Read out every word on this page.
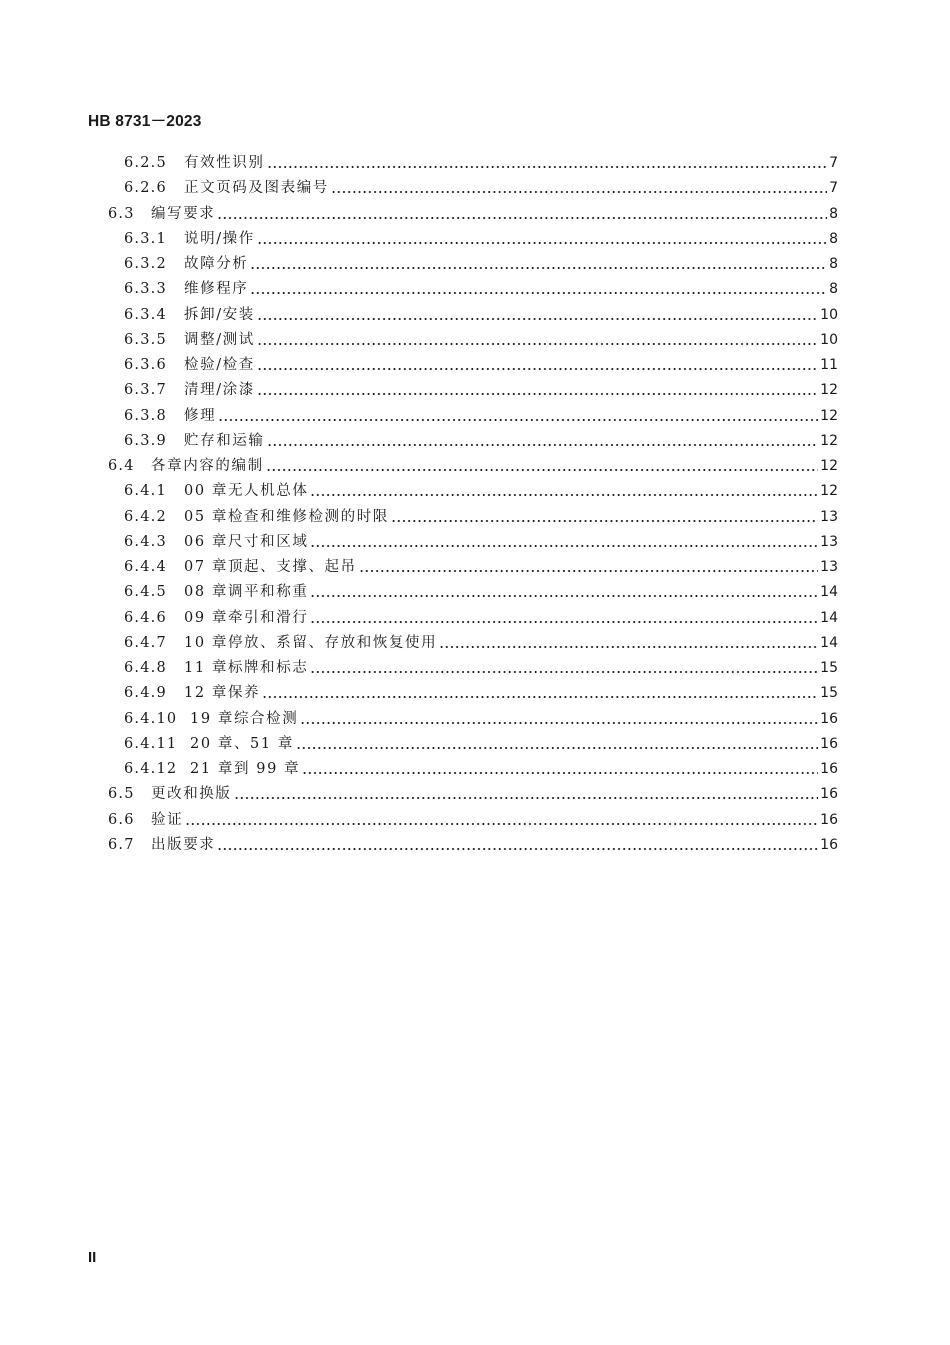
HB 8731－2023
6.2.5	有效性识别	7
6.2.6	正文页码及图表编号	7
6.3	编写要求	8
6.3.1	说明/操作	8
6.3.2	故障分析	8
6.3.3	维修程序	8
6.3.4	拆卸/安装	10
6.3.5	调整/测试	10
6.3.6	检验/检查	11
6.3.7	清理/涂漆	12
6.3.8	修理	12
6.3.9	贮存和运输	12
6.4	各章内容的编制	12
6.4.1	00 章无人机总体	12
6.4.2	05 章检查和维修检测的时限	13
6.4.3	06 章尺寸和区域	13
6.4.4	07 章顶起、支撑、起吊	13
6.4.5	08 章调平和称重	14
6.4.6	09 章牵引和滑行	14
6.4.7	10 章停放、系留、存放和恢复使用	14
6.4.8	11 章标牌和标志	15
6.4.9	12 章保养	15
6.4.10 19 章综合检测	16
6.4.11 20 章、51 章	16
6.4.12 21 章到 99 章	16
6.5	更改和换版	16
6.6	验证	16
6.7	出版要求	16
II
